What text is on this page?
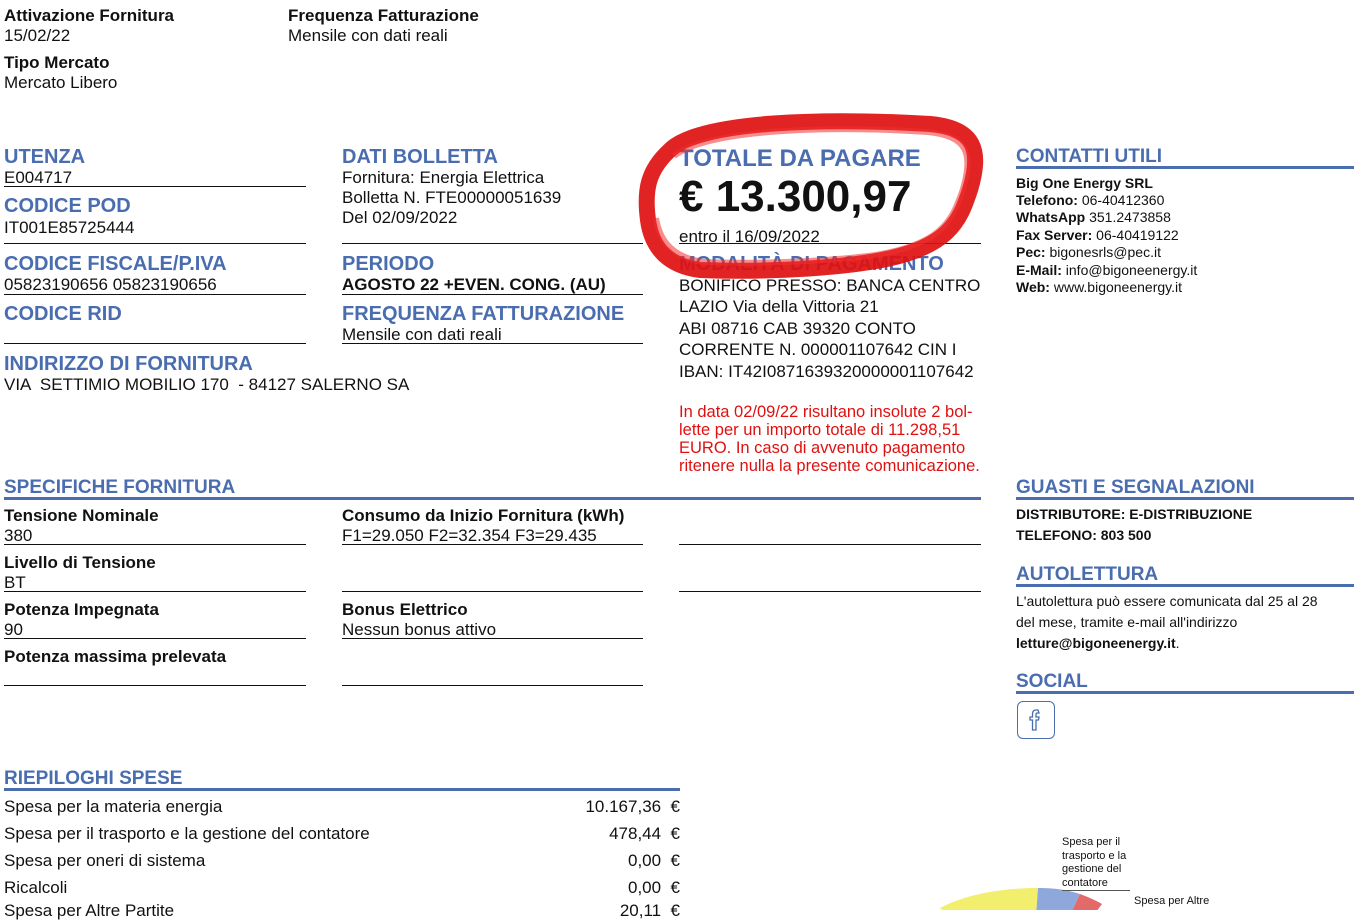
Attivazione Fornitura
15/02/22
Frequenza Fatturazione
Mensile con dati reali
Tipo Mercato
Mercato Libero
UTENZA
E004717
CODICE POD
IT001E85725444
CODICE FISCALE/P.IVA
05823190656 05823190656
CODICE RID
INDIRIZZO DI FORNITURA
VIA  SETTIMIO MOBILIO 170  - 84127 SALERNO SA
DATI BOLLETTA
Fornitura: Energia Elettrica
Bolletta N. FTE00000051639
Del 02/09/2022
PERIODO
AGOSTO 22 +EVEN. CONG. (AU)
FREQUENZA FATTURAZIONE
Mensile con dati reali
TOTALE DA PAGARE
€ 13.300,97
entro il 16/09/2022
MODALITÀ DI PAGAMENTO
BONIFICO PRESSO: BANCA CENTRO
LAZIO Via della Vittoria 21
ABI 08716 CAB 39320 CONTO
CORRENTE N. 000001107642 CIN I
IBAN: IT42I0871639320000001107642
In data 02/09/22 risultano insolute 2 bol-
lette per un importo totale di 11.298,51
EURO. In caso di avvenuto pagamento
ritenere nulla la presente comunicazione.
CONTATTI UTILI
Big One Energy SRL
Telefono: 06-40412360
WhatsApp 351.2473858
Fax Server: 06-40419122
Pec: bigonesrls@pec.it
E-Mail: info@bigoneenergy.it
Web: www.bigoneenergy.it
SPECIFICHE FORNITURA
Tensione Nominale
380
Livello di Tensione
BT
Potenza Impegnata
90
Potenza massima prelevata
Consumo da Inizio Fornitura (kWh)
F1=29.050 F2=32.354 F3=29.435
Bonus Elettrico
Nessun bonus attivo
GUASTI E SEGNALAZIONI
DISTRIBUTORE: E-DISTRIBUZIONE
TELEFONO: 803 500
AUTOLETTURA
L'autolettura può essere comunicata dal 25 al 28
del mese, tramite e-mail all'indirizzo
letture@bigoneenergy.it.
SOCIAL
RIEPILOGHI SPESE
Spesa per la materia energia	10.167,36  €
Spesa per il trasporto e la gestione del contatore	478,44  €
Spesa per oneri di sistema	0,00  €
Ricalcoli	0,00  €
Spesa per Altre Partite	20,11  €
Spesa per il
trasporto e la
gestione del
contatore
Spesa per Altre
